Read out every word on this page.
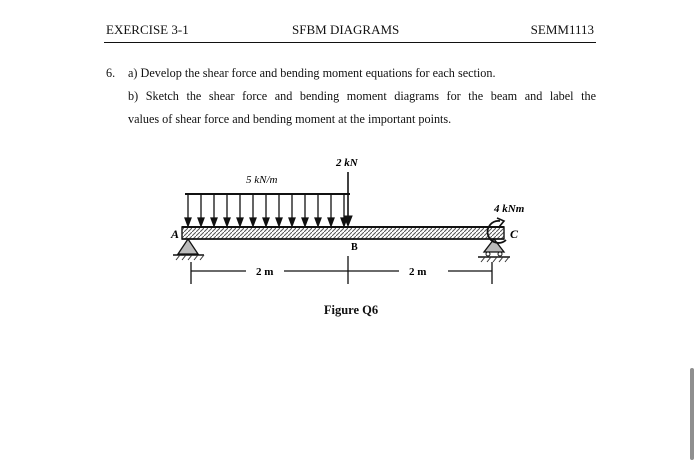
EXERCISE 3-1	SFBM DIAGRAMS	SEMM1113
6. a) Develop the shear force and bending moment equations for each section.
b) Sketch the shear force and bending moment diagrams for the beam and label the
values of shear force and bending moment at the important points.
5 kN/m
2 kN
4 kNm
A
B
C
2 m	2 m
Figure Q6
